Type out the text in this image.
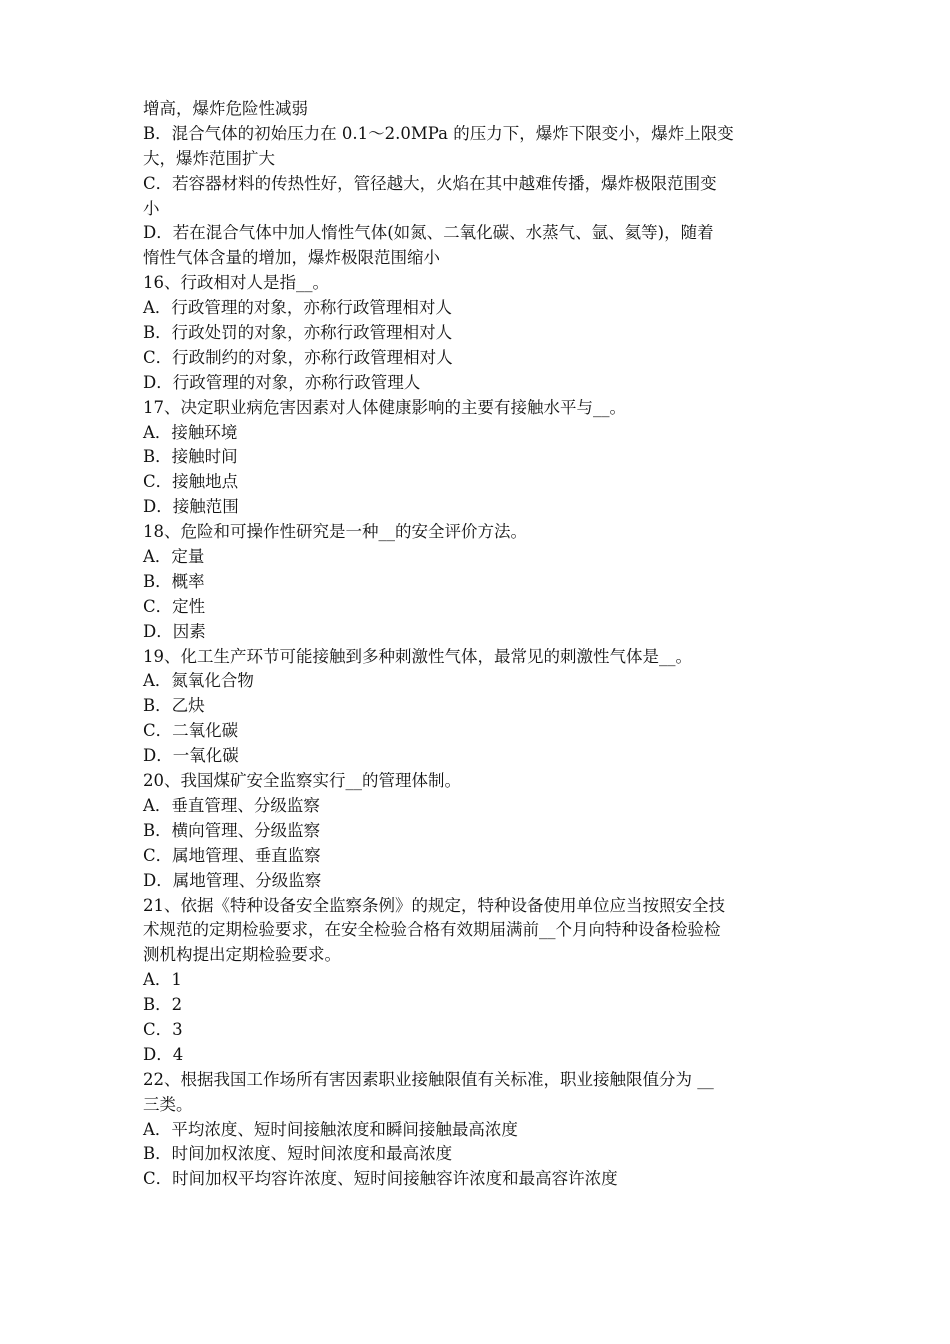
增高，爆炸危险性减弱
B．混合气体的初始压力在 0.1～2.0MPa 的压力下，爆炸下限变小，爆炸上限变
大，爆炸范围扩大
C．若容器材料的传热性好，管径越大，火焰在其中越难传播，爆炸极限范围变
小
D．若在混合气体中加人惰性气体(如氮、二氧化碳、水蒸气、氩、氦等)，随着
惰性气体含量的增加，爆炸极限范围缩小
16、行政相对人是指__。
A．行政管理的对象，亦称行政管理相对人
B．行政处罚的对象，亦称行政管理相对人
C．行政制约的对象，亦称行政管理相对人
D．行政管理的对象，亦称行政管理人
17、决定职业病危害因素对人体健康影响的主要有接触水平与__。
A．接触环境
B．接触时间
C．接触地点
D．接触范围
18、危险和可操作性研究是一种__的安全评价方法。
A．定量
B．概率
C．定性
D．因素
19、化工生产环节可能接触到多种刺激性气体，最常见的刺激性气体是__。
A．氮氧化合物
B．乙炔
C．二氧化碳
D．一氧化碳
20、我国煤矿安全监察实行__的管理体制。
A．垂直管理、分级监察
B．横向管理、分级监察
C．属地管理、垂直监察
D．属地管理、分级监察
21、依据《特种设备安全监察条例》的规定，特种设备使用单位应当按照安全技
术规范的定期检验要求，在安全检验合格有效期届满前__个月向特种设备检验检
测机构提出定期检验要求。
A．1
B．2
C．3
D．4
22、根据我国工作场所有害因素职业接触限值有关标准，职业接触限值分为 __
三类。
A．平均浓度、短时间接触浓度和瞬间接触最高浓度
B．时间加权浓度、短时间浓度和最高浓度
C．时间加权平均容许浓度、短时间接触容许浓度和最高容许浓度
